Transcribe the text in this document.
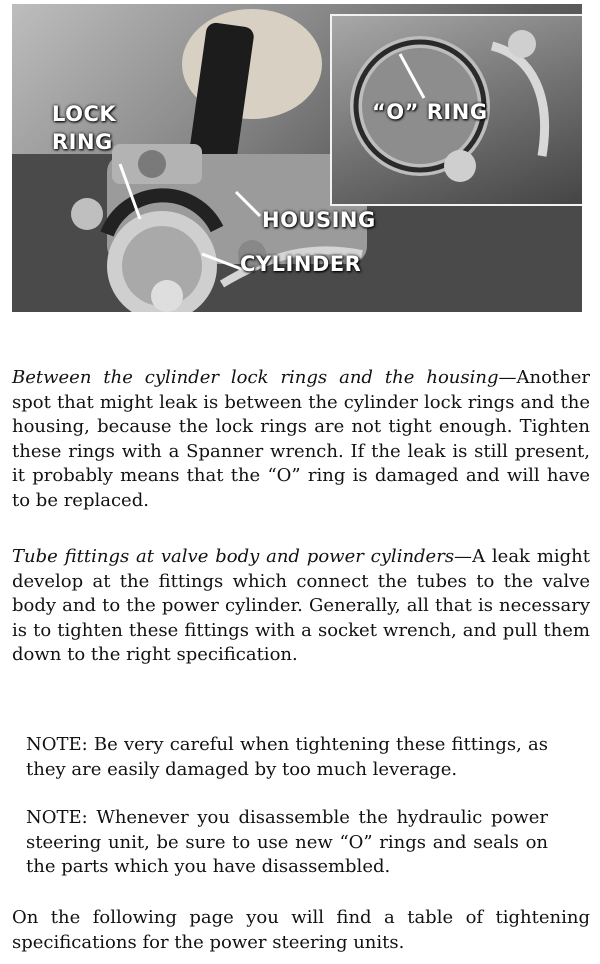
“O” RING
LOCK
RING
HOUSING
CYLINDER

Between the cylinder lock rings and the housing—Another spot that might leak is between the cylinder lock rings and the housing, because the lock rings are not tight enough. Tighten these rings with a Spanner wrench. If the leak is still present, it probably means that the “O” ring is damaged and will have to be replaced.

Tube fittings at valve body and power cylinders—A leak might develop at the fittings which connect the tubes to the valve body and to the power cylinder. Generally, all that is necessary is to tighten these fittings with a socket wrench, and pull them down to the right specification.

NOTE: Be very careful when tightening these fittings, as they are easily damaged by too much leverage.

NOTE: Whenever you disassemble the hydraulic power steering unit, be sure to use new “O” rings and seals on the parts which you have disassembled.

On the following page you will find a table of tightening specifications for the power steering units.
